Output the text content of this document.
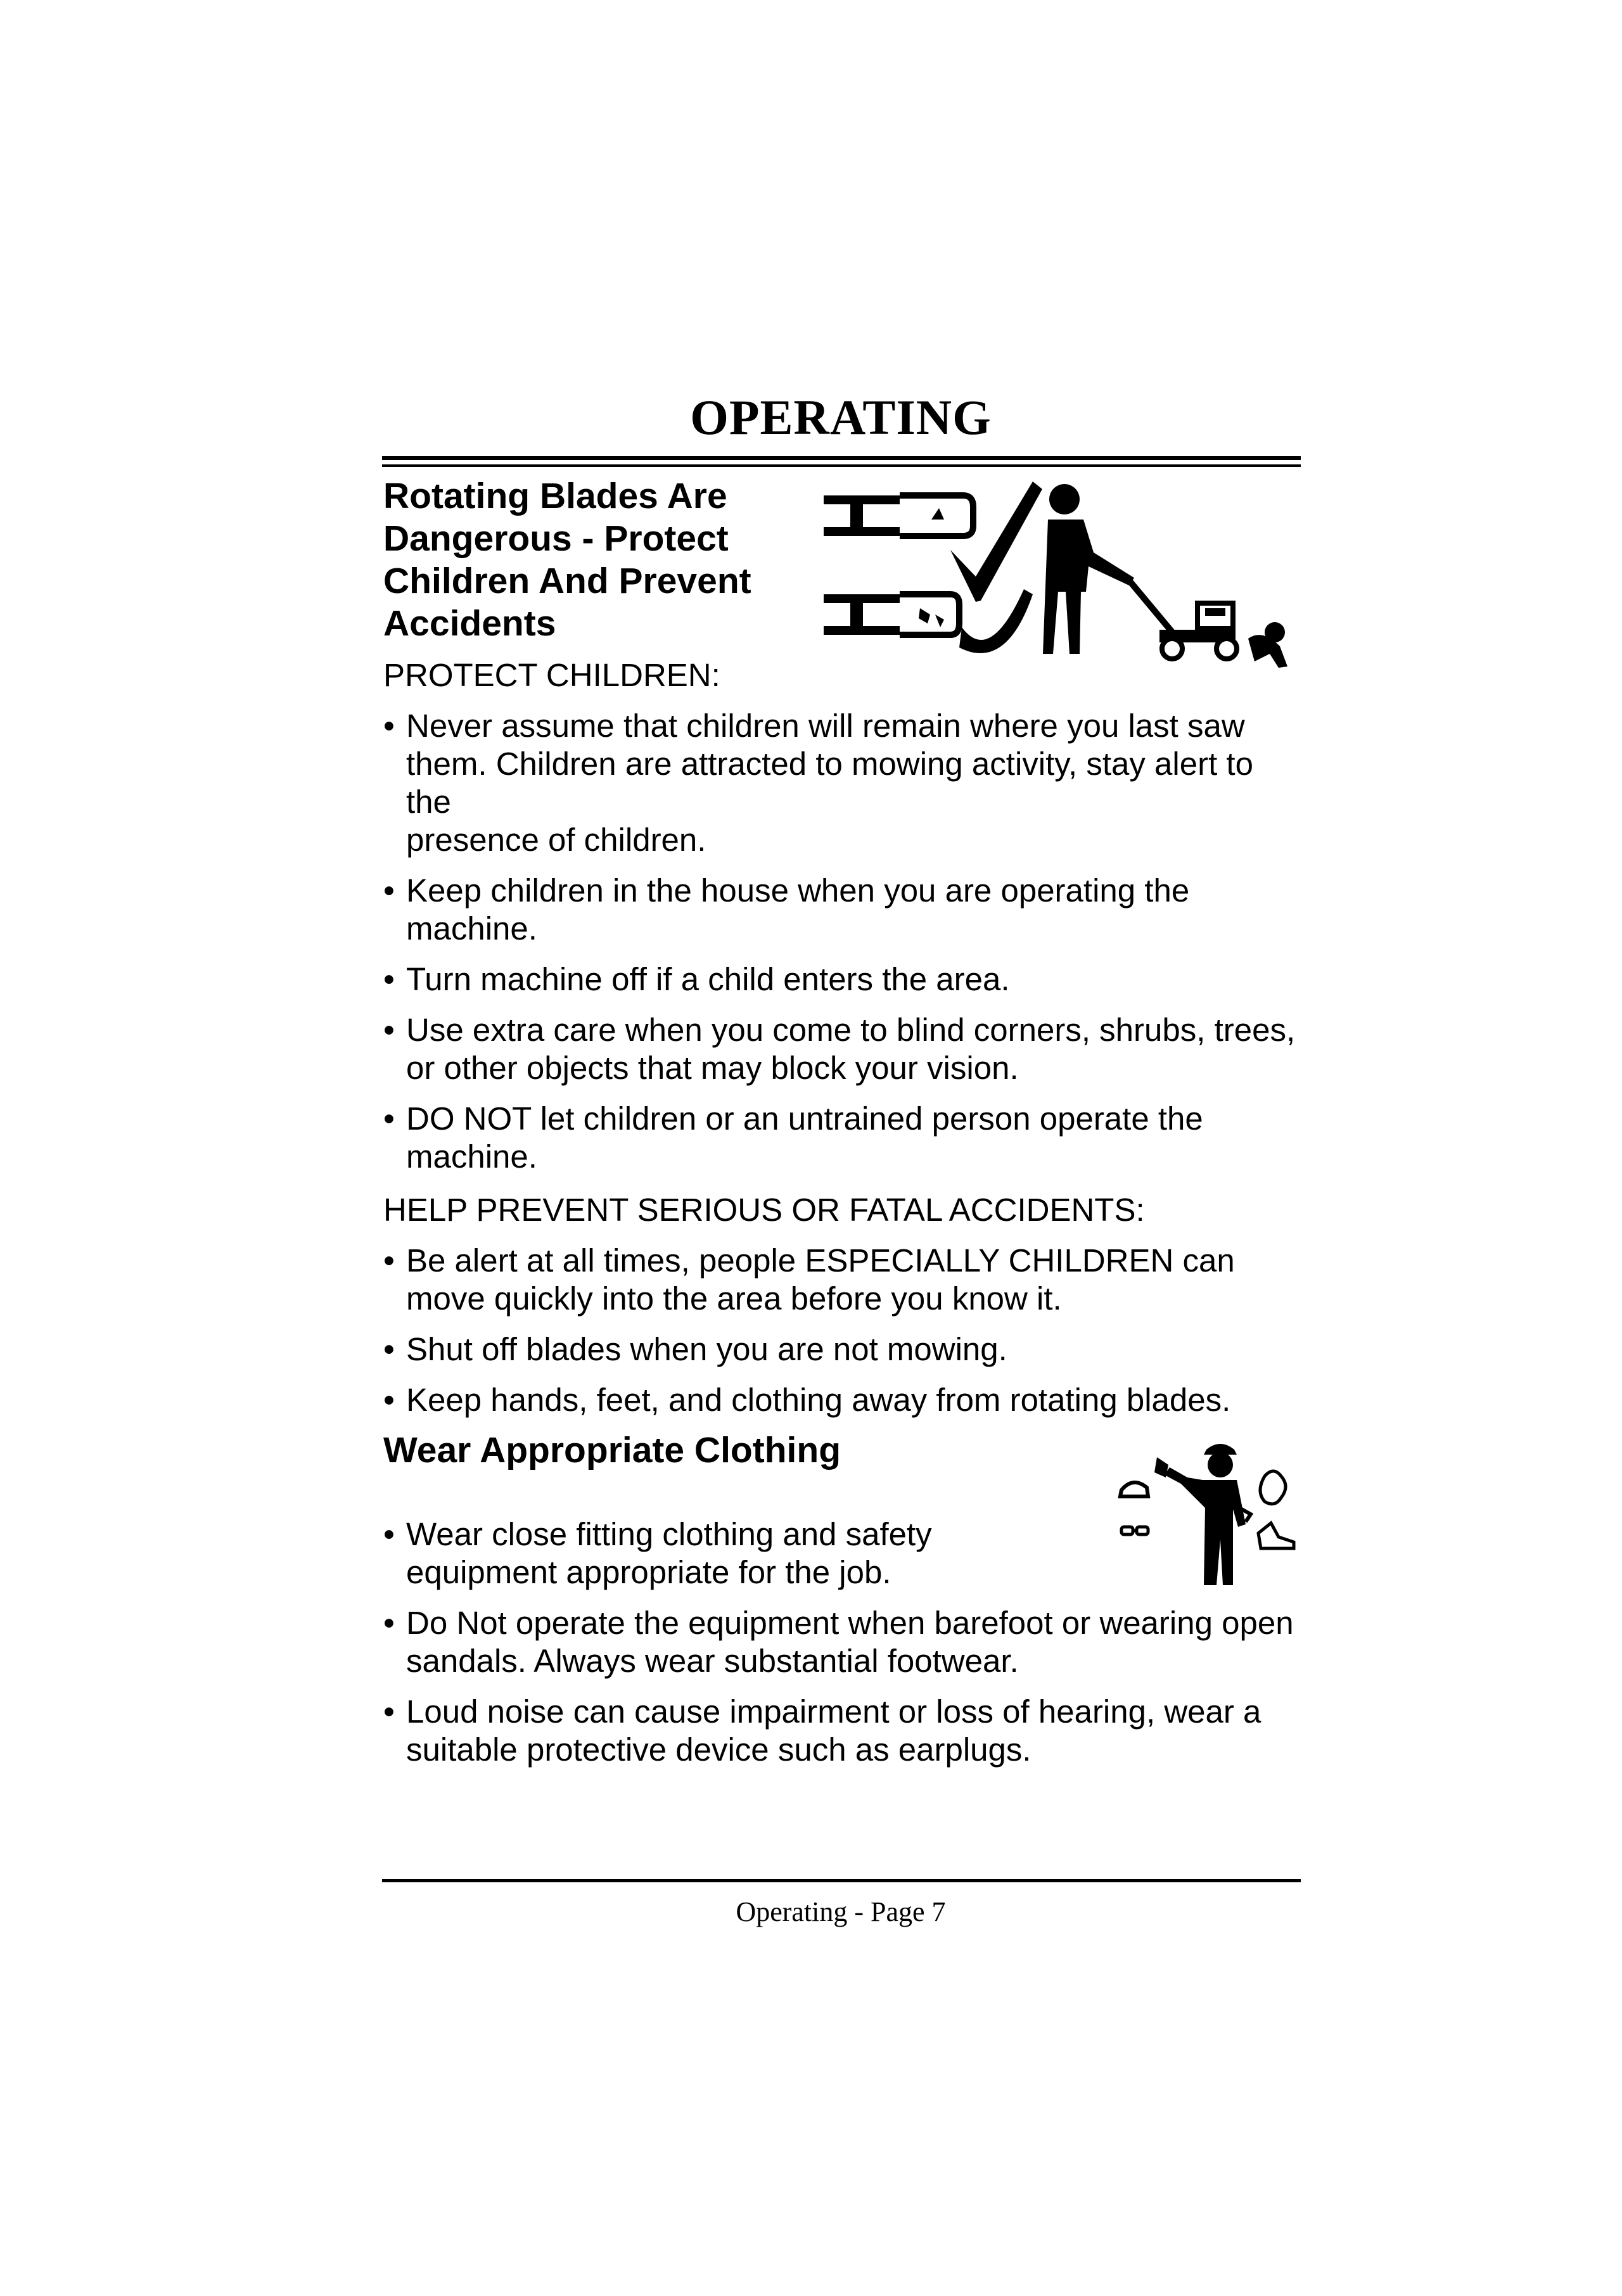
OPERATING

Rotating Blades Are

Dangerous - Protect

Children And Prevent

Accidents

PROTECT CHILDREN:

• Never assume that children will remain where you last saw
them. Children are attracted to mowing activity, stay alert to the
presence of children.
• Keep children in the house when you are operating the
machine.
• Turn machine off if a child enters the area.
• Use extra care when you come to blind corners, shrubs, trees,
or other objects that may block your vision.
• DO NOT let children or an untrained person operate the
machine.

HELP PREVENT SERIOUS OR FATAL ACCIDENTS:

• Be alert at all times, people ESPECIALLY CHILDREN can
move quickly into the area before you know it.
• Shut off blades when you are not mowing.
• Keep hands, feet, and clothing away from rotating blades.

Wear Appropriate Clothing

• Wear close fitting clothing and safety
equipment appropriate for the job.
• Do Not operate the equipment when barefoot or wearing open
sandals. Always wear substantial footwear.
• Loud noise can cause impairment or loss of hearing, wear a
suitable protective device such as earplugs.
Operating - Page 7
